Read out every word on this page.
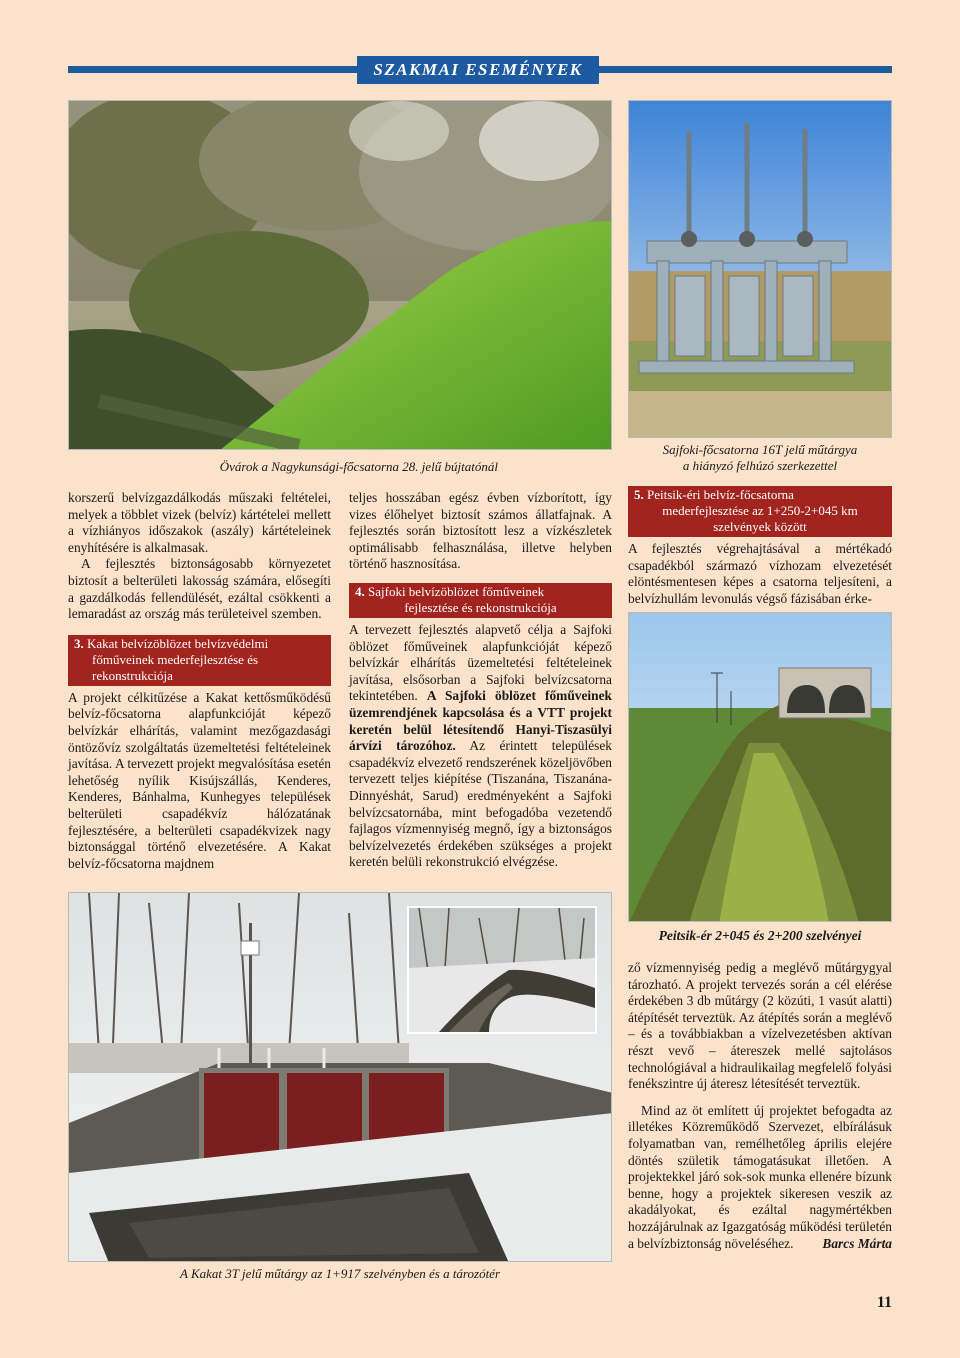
SZAKMAI ESEMÉNYEK
Sajfoki-főcsatorna 16T jelű műtárgya
a hiányzó felhúzó szerkezettel
Övárok a Nagykunsági-főcsatorna 28. jelű bújtatónál

korszerű belvízgazdálkodás műszaki feltételei, melyek a többlet vizek (belvíz) kártételei mellett a vízhiányos időszakok (aszály) kártételeinek enyhítésére is alkalmasak.

A fejlesztés biztonságosabb környezetet biztosít a belterületi lakosság számára, elősegíti a gazdálkodás fellendülését, ezáltal csökkenti a lemaradást az ország más területeivel szemben.

3. Kakat belvízöblözet belvízvédelmi
főműveinek mederfejlesztése és
rekonstrukciója

A projekt célkitűzése a Kakat kettősműködésű belvíz-főcsatorna alapfunkcióját képező belvízkár elhárítás, valamint mezőgazdasági öntözővíz szolgáltatás üzemeltetési feltételeinek javítása. A tervezett projekt megvalósítása esetén lehetőség nyílik Kisújszállás, Kenderes, Kenderes, Bánhalma, Kunhegyes települések belterületi csapadékvíz hálózatának fejlesztésére, a belterületi csapadékvizek nagy biztonsággal történő elvezetésére. A Kakat belvíz-főcsatorna majdnem

teljes hosszában egész évben vízborított, így vizes élőhelyet biztosít számos állatfajnak. A fejlesztés során biztosított lesz a vízkészletek optimálisabb felhasználása, illetve helyben történő hasznosítása.

4. Sajfoki belvízöblözet főműveinek
fejlesztése és rekonstrukciója

A tervezett fejlesztés alapvető célja a Sajfoki öblözet főműveinek alapfunkcióját képező belvízkár elhárítás üzemeltetési feltételeinek javítása, elsősorban a Sajfoki belvízcsatorna tekintetében. A Sajfoki öblözet főműveinek üzemrendjének kapcsolása és a VTT projekt keretén belül létesítendő Hanyi-Tiszasülyi árvízi tározóhoz. Az érintett települések csapadékvíz elvezető rendszerének közeljövőben tervezett teljes kiépítése (Tiszanána, Tiszanána-Dinnyéshát, Sarud) eredményeként a Sajfoki belvízcsatornába, mint befogadóba vezetendő fajlagos vízmennyiség megnő, így a biztonságos belvízelvezetés érdekében szükséges a projekt keretén belüli rekonstrukció elvégzése.

5. Peitsik-éri belvíz-főcsatorna
mederfejlesztése az 1+250-2+045 km
szelvények között

A fejlesztés végrehajtásával a mértékadó csapadékból származó vízhozam elvezetését elöntésmentesen képes a csatorna teljesíteni, a belvízhullám levonulás végső fázisában érke-

Peitsik-ér 2+045 és 2+200 szelvényei
A Kakat 3T jelű műtárgy az 1+917 szelvényben és a tározótér

ző vízmennyiség pedig a meglévő műtárgygyal tározható. A projekt tervezés során a cél elérése érdekében 3 db műtárgy (2 közúti, 1 vasút alatti) átépítését terveztük. Az átépítés során a meglévő – és a továbbiakban a vízelvezetésben aktívan részt vevő – átereszek mellé sajtolásos technológiával a hidraulikailag megfelelő folyási fenékszintre új áteresz létesítését terveztük.

Mind az öt említett új projektet befogadta az illetékes Közreműködő Szervezet, elbírálásuk folyamatban van, remélhetőleg április elejére döntés születik támogatásukat illetően. A projektekkel járó sok-sok munka ellenére bízunk benne, hogy a projektek sikeresen veszik az akadályokat, és ezáltal nagymértékben hozzájárulnak az Igazgatóság működési területén a belvízbiztonság növeléséhez.	Barcs Márta

11
